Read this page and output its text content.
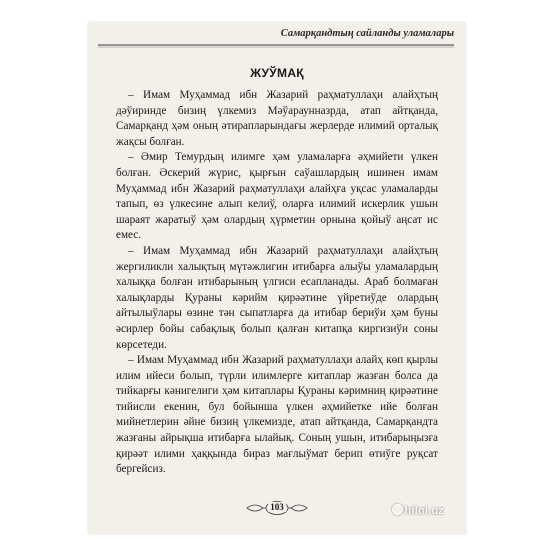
Самарқандтың сайланды уламалары
ЖУЎМАҚ

– Имам Муҳаммад ибн Жазарий раҳматуллаҳи алайҳтың дәўиринде бизиң үлкемиз Мәўараунназрда, атап айтқанда, Самарқанд ҳәм оның әтирапларындағы жерлерде илимий орталық жақсы болған.

– Әмир Темурдың илимге ҳәм уламаларға әҳмийети үлкен болған. Әскерий жүриc, қырғын саўашлардың ишинен имам Муҳаммад ибн Жазарий раҳматуллаҳи алайҳға уқсас уламаларды тапып, өз үлкесине алып келиў, оларға илимий искерлик ушын шараят жаратыў ҳәм олардың ҳүрметин орнына қойыў аңсат ис емес.

– Имам Муҳаммад ибн Жазарий раҳматуллаҳи алайҳтың жергиликли халықтың мүтәжлигин итибарға алыўы уламалардың халыққа болған итибарының үлгиси есапланады. Араб болмаған халықларды Қураны кәрийм қирәәтине үйретиўде олардың айтылыўлары өзине тән сыпатларға да итибар бериўи ҳәм буны әсирлер бойы сабақлық болып қалған китапқа киргизиўи соны көрсетеди.

– Имам Муҳаммад ибн Жазарий раҳматуллаҳи алайҳ көп қырлы илим ийеси болып, түрли илимлерге китаплар жазған болса да тийкарғы кәнигелиги ҳәм китаплары Қураны кәримниң қирәәтине тийисли екенин, бул бойынша үлкен әҳмийетке ийе болған мийнетлерин әйне бизиң үлкемизде, атап айтқанда, Самарқандта жазғаны айрықша итибарға ылайық. Соның ушын, итибарыңызға қирәәт илими ҳаққында бираз мағлыўмат берип өтиўге руқсат бергейсиз.

103	hilol.uz
